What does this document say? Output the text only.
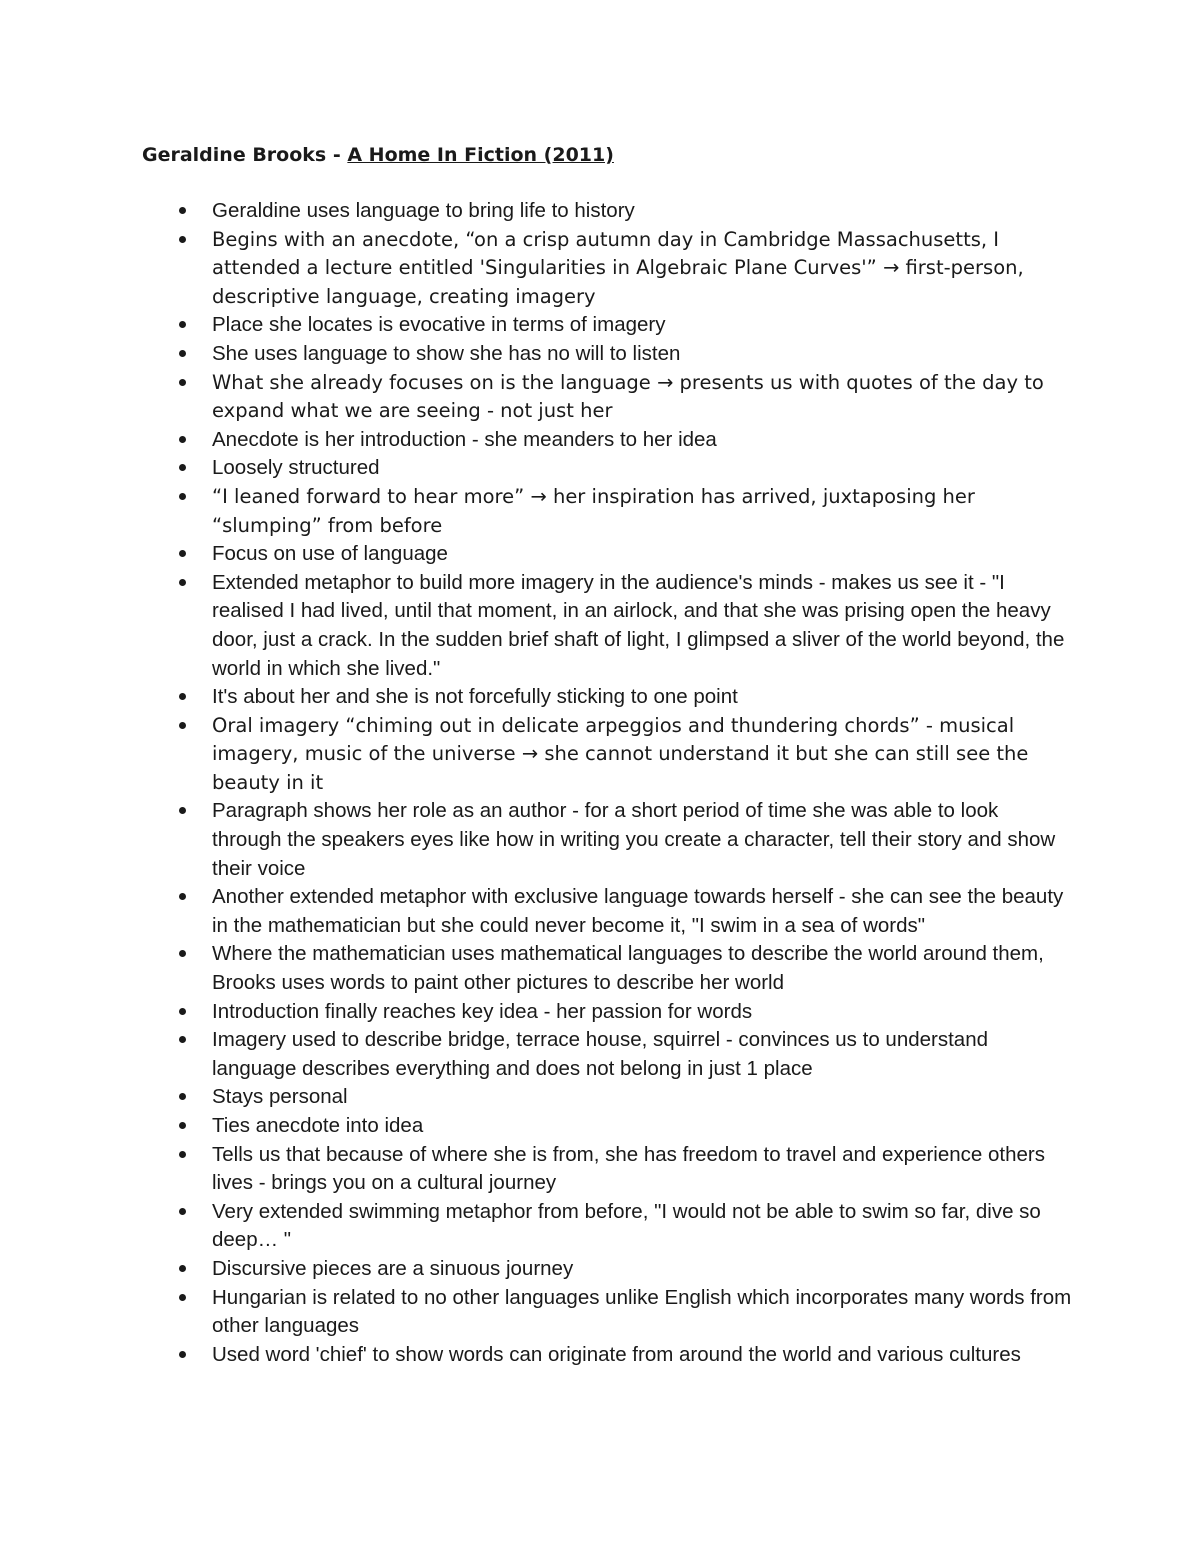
Geraldine Brooks - A Home In Fiction (2011)
Geraldine uses language to bring life to history
Begins with an anecdote, “on a crisp autumn day in Cambridge Massachusetts, I attended a lecture entitled 'Singularities in Algebraic Plane Curves'” → first-person, descriptive language, creating imagery
Place she locates is evocative in terms of imagery
She uses language to show she has no will to listen
What she already focuses on is the language → presents us with quotes of the day to expand what we are seeing - not just her
Anecdote is her introduction - she meanders to her idea
Loosely structured
“I leaned forward to hear more” → her inspiration has arrived, juxtaposing her “slumping” from before
Focus on use of language
Extended metaphor to build more imagery in the audience's minds - makes us see it - "I realised I had lived, until that moment, in an airlock, and that she was prising open the heavy door, just a crack. In the sudden brief shaft of light, I glimpsed a sliver of the world beyond, the world in which she lived."
It's about her and she is not forcefully sticking to one point
Oral imagery “chiming out in delicate arpeggios and thundering chords” - musical imagery, music of the universe → she cannot understand it but she can still see the beauty in it
Paragraph shows her role as an author - for a short period of time she was able to look through the speakers eyes like how in writing you create a character, tell their story and show their voice
Another extended metaphor with exclusive language towards herself - she can see the beauty in the mathematician but she could never become it, "I swim in a sea of words"
Where the mathematician uses mathematical languages to describe the world around them, Brooks uses words to paint other pictures to describe her world
Introduction finally reaches key idea - her passion for words
Imagery used to describe bridge, terrace house, squirrel - convinces us to understand language describes everything and does not belong in just 1 place
Stays personal
Ties anecdote into idea
Tells us that because of where she is from, she has freedom to travel and experience others lives - brings you on a cultural journey
Very extended swimming metaphor from before, "I would not be able to swim so far, dive so deep… "
Discursive pieces are a sinuous journey
Hungarian is related to no other languages unlike English which incorporates many words from other languages
Used word 'chief' to show words can originate from around the world and various cultures
